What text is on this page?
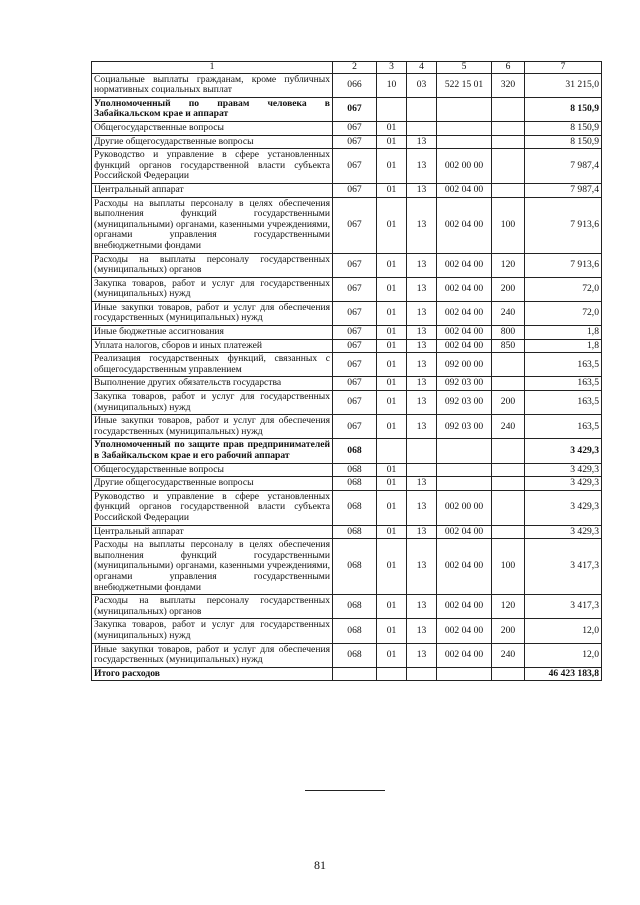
1	2	3	4	5	6	7
Социальные выплаты гражданам, кроме публичных нормативных социальных выплат	066	10	03	522 15 01	320	31 215,0
Уполномоченный по правам человека в Забайкальском крае и аппарат	067					8 150,9
Общегосударственные вопросы	067	01				8 150,9
Другие общегосударственные вопросы	067	01	13			8 150,9
Руководство и управление в сфере установленных функций органов государственной власти субъекта Российской Федерации	067	01	13	002 00 00		7 987,4
Центральный аппарат	067	01	13	002 04 00		7 987,4
Расходы на выплаты персоналу в целях обеспечения выполнения функций государственными (муниципальными) органами, казенными учреждениями, органами управления государственными внебюджетными фондами	067	01	13	002 04 00	100	7 913,6
Расходы на выплаты персоналу государственных (муниципальных) органов	067	01	13	002 04 00	120	7 913,6
Закупка товаров, работ и услуг для государственных (муниципальных) нужд	067	01	13	002 04 00	200	72,0
Иные закупки товаров, работ и услуг для обеспечения государственных (муниципальных) нужд	067	01	13	002 04 00	240	72,0
Иные бюджетные ассигнования	067	01	13	002 04 00	800	1,8
Уплата налогов, сборов и иных платежей	067	01	13	002 04 00	850	1,8
Реализация государственных функций, связанных с общегосударственным управлением	067	01	13	092 00 00		163,5
Выполнение других обязательств государства	067	01	13	092 03 00		163,5
Закупка товаров, работ и услуг для государственных (муниципальных) нужд	067	01	13	092 03 00	200	163,5
Иные закупки товаров, работ и услуг для обеспечения государственных (муниципальных) нужд	067	01	13	092 03 00	240	163,5
Уполномоченный по защите прав предпринимателей в Забайкальском крае и его рабочий аппарат	068					3 429,3
Общегосударственные вопросы	068	01				3 429,3
Другие общегосударственные вопросы	068	01	13			3 429,3
Руководство и управление в сфере установленных функций органов государственной власти субъекта Российской Федерации	068	01	13	002 00 00		3 429,3
Центральный аппарат	068	01	13	002 04 00		3 429,3
Расходы на выплаты персоналу в целях обеспечения выполнения функций государственными (муниципальными) органами, казенными учреждениями, органами управления государственными внебюджетными фондами	068	01	13	002 04 00	100	3 417,3
Расходы на выплаты персоналу государственных (муниципальных) органов	068	01	13	002 04 00	120	3 417,3
Закупка товаров, работ и услуг для государственных (муниципальных) нужд	068	01	13	002 04 00	200	12,0
Иные закупки товаров, работ и услуг для обеспечения государственных (муниципальных) нужд	068	01	13	002 04 00	240	12,0
Итого расходов						46 423 183,8
81
